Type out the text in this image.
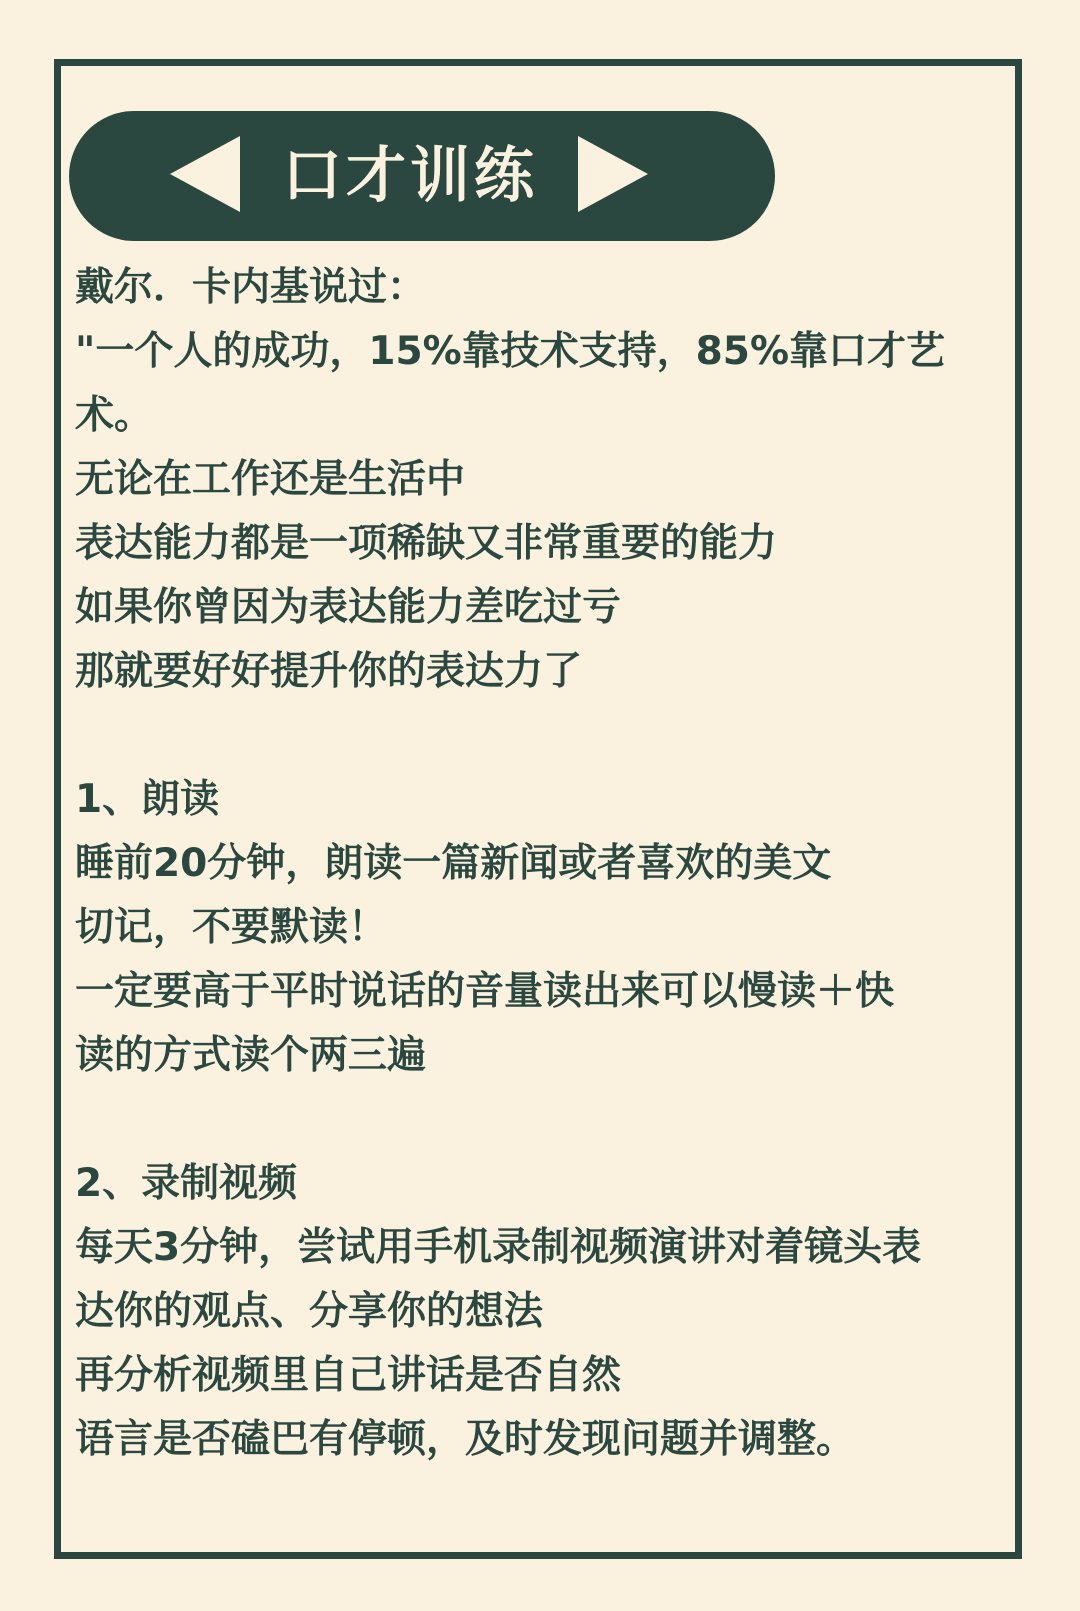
口才训练
戴尔．卡内基说过：
"一个人的成功，15%靠技术支持，85%靠口才艺
术。
无论在工作还是生活中
表达能力都是一项稀缺又非常重要的能力
如果你曾因为表达能力差吃过亏
那就要好好提升你的表达力了
1、朗读
睡前20分钟，朗读一篇新闻或者喜欢的美文
切记，不要默读！
一定要高于平时说话的音量读出来可以慢读＋快
读的方式读个两三遍
2、录制视频
每天3分钟，尝试用手机录制视频演讲对着镜头表
达你的观点、分享你的想法
再分析视频里自己讲话是否自然
语言是否磕巴有停顿，及时发现问题并调整。
